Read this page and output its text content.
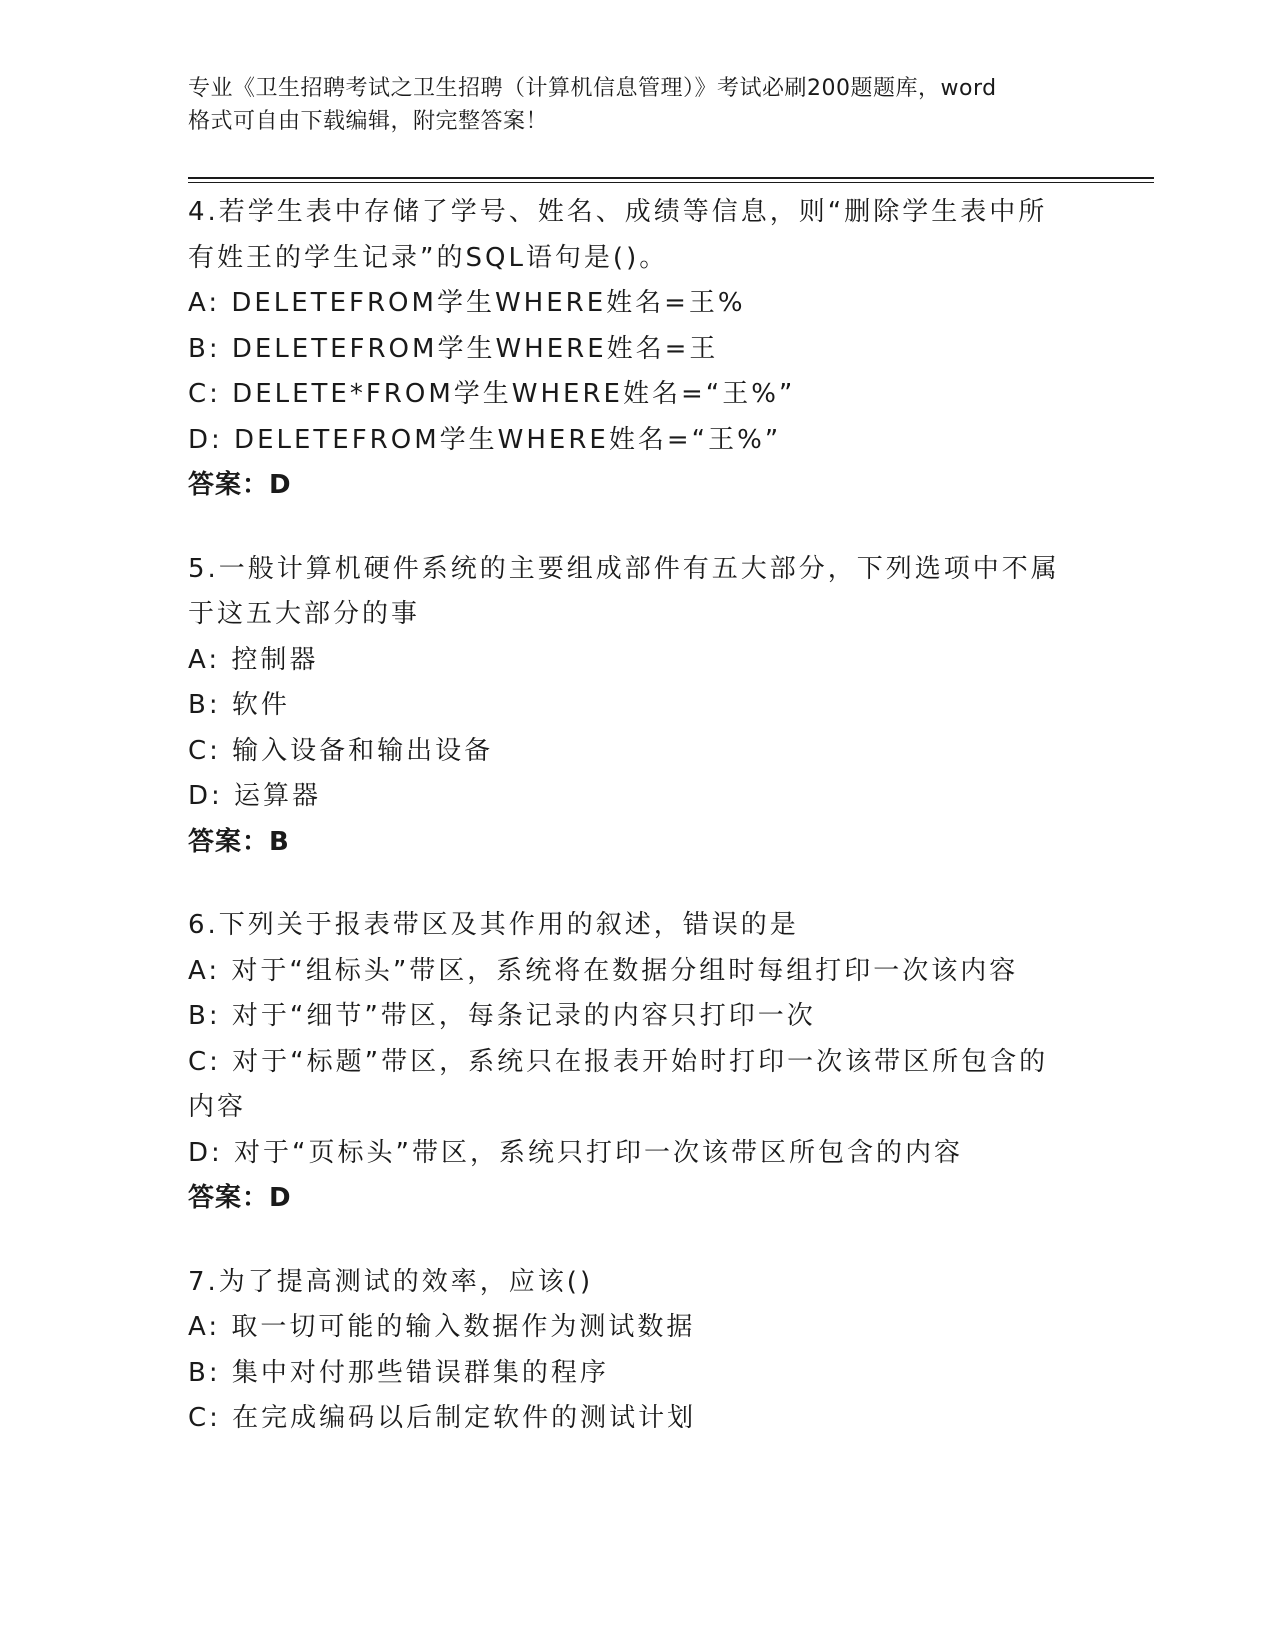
专业《卫生招聘考试之卫生招聘（计算机信息管理）》考试必刷200题题库，word
格式可自由下载编辑，附完整答案！
4.若学生表中存储了学号、姓名、成绩等信息，则“删除学生表中所
有姓王的学生记录”的SQL语句是()。
A: DELETEFROM学生WHERE姓名=王%
B: DELETEFROM学生WHERE姓名=王
C: DELETE*FROM学生WHERE姓名=“王%”
D: DELETEFROM学生WHERE姓名=“王%”
答案：D
5.一般计算机硬件系统的主要组成部件有五大部分，下列选项中不属
于这五大部分的事
A: 控制器
B: 软件
C: 输入设备和输出设备
D: 运算器
答案：B
6.下列关于报表带区及其作用的叙述，错误的是
A: 对于“组标头”带区，系统将在数据分组时每组打印一次该内容
B: 对于“细节”带区，每条记录的内容只打印一次
C: 对于“标题”带区，系统只在报表开始时打印一次该带区所包含的
内容
D: 对于“页标头”带区，系统只打印一次该带区所包含的内容
答案：D
7.为了提高测试的效率，应该()
A: 取一切可能的输入数据作为测试数据
B: 集中对付那些错误群集的程序
C: 在完成编码以后制定软件的测试计划
